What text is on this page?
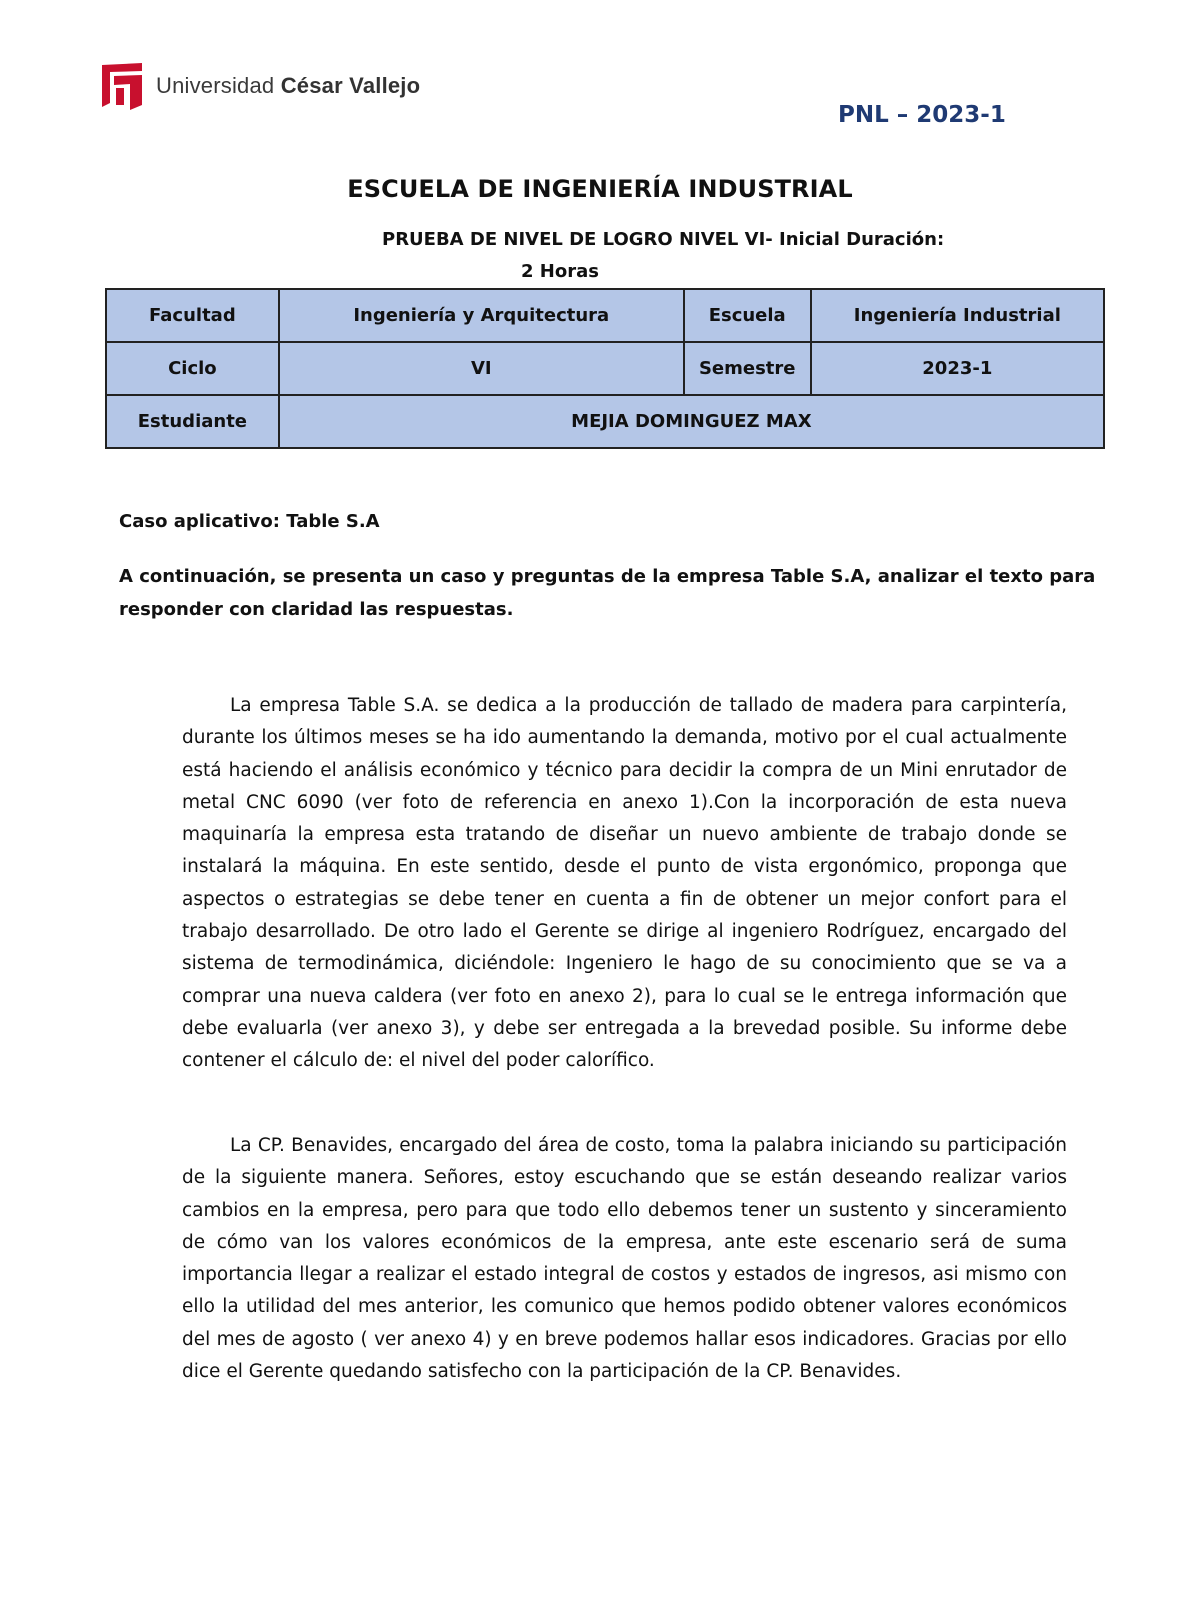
Universidad César Vallejo
PNL – 2023-1
ESCUELA DE INGENIERÍA INDUSTRIAL
PRUEBA DE NIVEL DE LOGRO NIVEL VI- Inicial Duración:
2 Horas
Facultad	Ingeniería y Arquitectura	Escuela	Ingeniería Industrial
Ciclo	VI	Semestre	2023-1
Estudiante	MEJIA DOMINGUEZ MAX		
Caso aplicativo: Table S.A
A continuación, se presenta un caso y preguntas de la empresa Table S.A, analizar el texto para responder con claridad las respuestas.

La empresa Table S.A. se dedica a la producción de tallado de madera para carpintería, durante los últimos meses se ha ido aumentando la demanda, motivo por el cual actualmente está haciendo el análisis económico y técnico para decidir la compra de un Mini enrutador de metal CNC 6090 (ver foto de referencia en anexo 1).Con la incorporación de esta nueva maquinaría la empresa esta tratando de diseñar un nuevo ambiente de trabajo donde se instalará la máquina. En este sentido, desde el punto de vista ergonómico, proponga que aspectos o estrategias se debe tener en cuenta a fin de obtener un mejor confort para el trabajo desarrollado. De otro lado el Gerente se dirige al ingeniero Rodríguez, encargado del sistema de termodinámica, diciéndole: Ingeniero le hago de su conocimiento que se va a comprar una nueva caldera (ver foto en anexo 2), para lo cual se le entrega información que debe evaluarla (ver anexo 3), y debe ser entregada a la brevedad posible. Su informe debe contener el cálculo de: el nivel del poder calorífico.

La CP. Benavides, encargado del área de costo, toma la palabra iniciando su participación de la siguiente manera. Señores, estoy escuchando que se están deseando realizar varios cambios en la empresa, pero para que todo ello debemos tener un sustento y sinceramiento de cómo van los valores económicos de la empresa, ante este escenario será de suma importancia llegar a realizar el estado integral de costos y estados de ingresos, asi mismo con ello la utilidad del mes anterior, les comunico que hemos podido obtener valores económicos del mes de agosto ( ver anexo 4) y en breve podemos hallar esos indicadores. Gracias por ello dice el Gerente quedando satisfecho con la participación de la CP. Benavides.
